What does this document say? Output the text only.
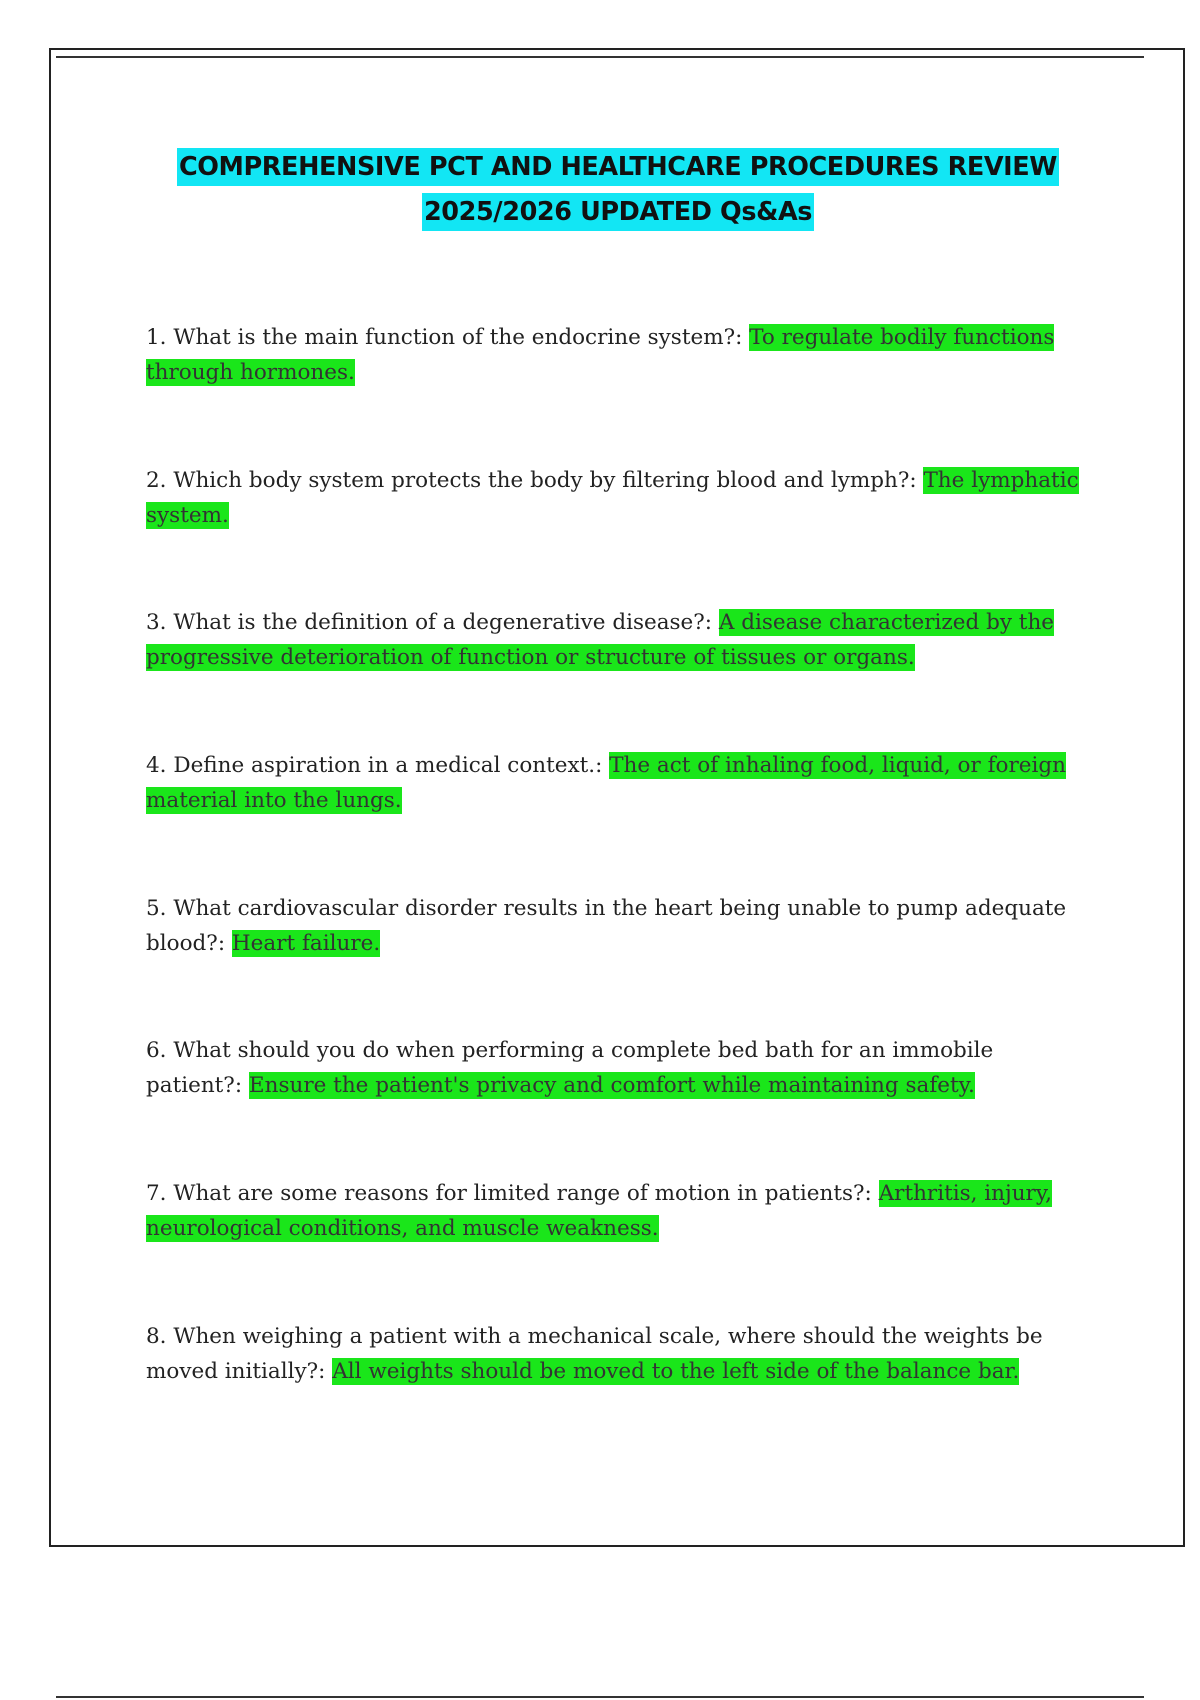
COMPREHENSIVE PCT AND HEALTHCARE PROCEDURES REVIEW
2025/2026 UPDATED Qs&As
1. What is the main function of the endocrine system?: To regulate bodily functions through hormones.
2. Which body system protects the body by filtering blood and lymph?: The lymphatic system.
3. What is the definition of a degenerative disease?: A disease characterized by the progressive deterioration of function or structure of tissues or organs.
4. Define aspiration in a medical context.: The act of inhaling food, liquid, or foreign material into the lungs.
5. What cardiovascular disorder results in the heart being unable to pump adequate blood?: Heart failure.
6. What should you do when performing a complete bed bath for an immobile patient?: Ensure the patient's privacy and comfort while maintaining safety.
7. What are some reasons for limited range of motion in patients?: Arthritis, injury, neurological conditions, and muscle weakness.
8. When weighing a patient with a mechanical scale, where should the weights be moved initially?: All weights should be moved to the left side of the balance bar.
